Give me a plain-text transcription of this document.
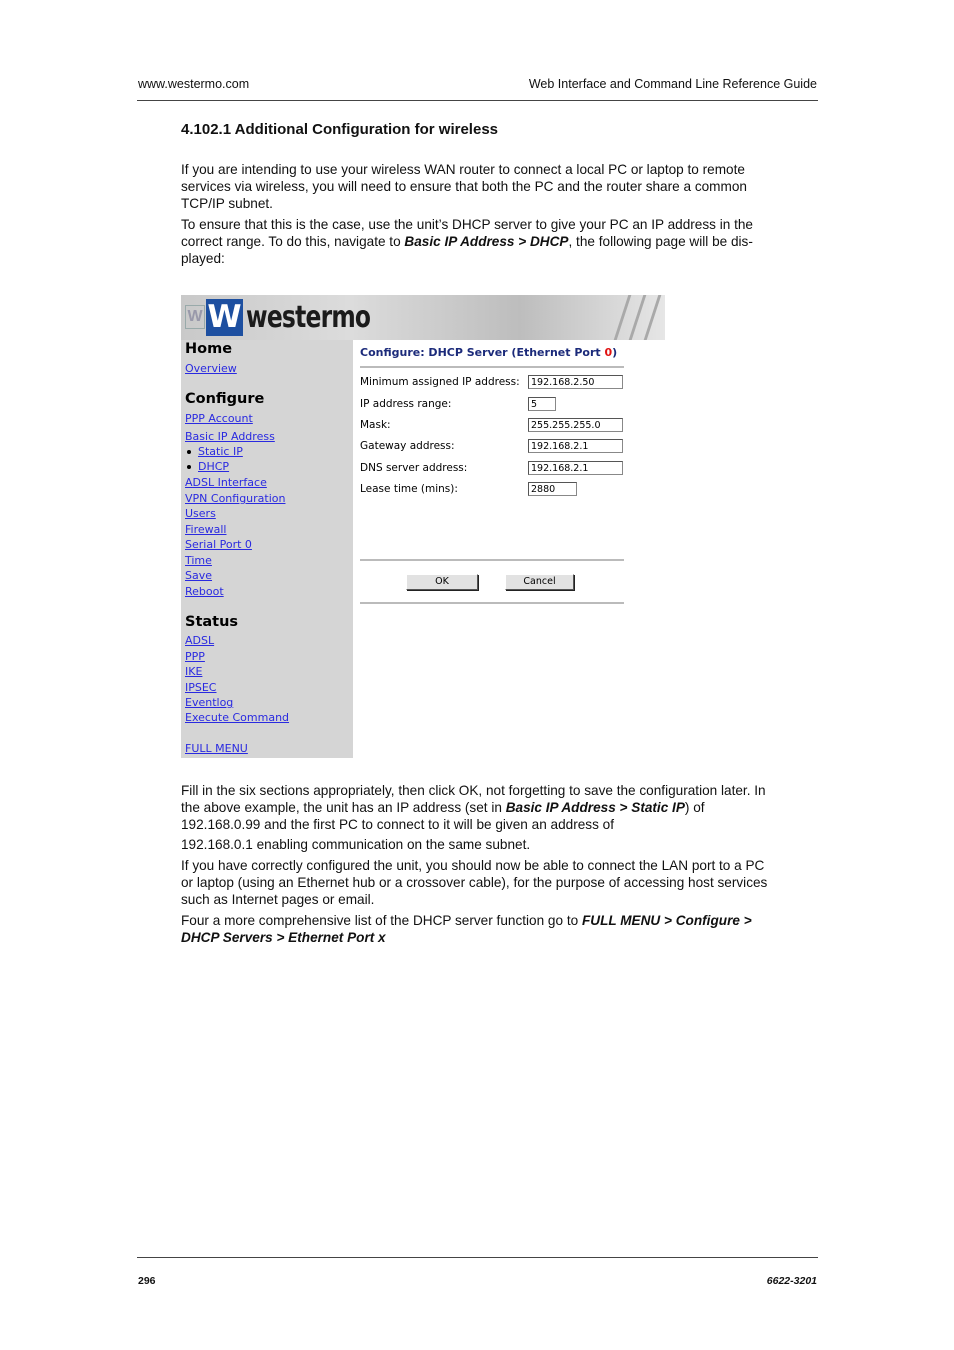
www.westermo.com	Web Interface and Command Line Reference Guide
4.102.1 Additional Configuration for wireless

If you are intending to use your wireless WAN router to connect a local PC or laptop to remote services via wireless, you will need to ensure that both the PC and the router share a common TCP/IP subnet.

To ensure that this is the case, use the unit’s DHCP server to give your PC an IP address in the correct range. To do this, navigate to Basic IP Address > DHCP, the following page will be dis-played:

W W westermo
Home
Overview
Configure
PPP Account
Basic IP Address
Static IP
DHCP
ADSL Interface
VPN Configuration
Users
Firewall
Serial Port 0
Time
Save
Reboot
Status
ADSL
PPP
IKE
IPSEC
Eventlog
Execute Command
FULL MENU
Configure: DHCP Server (Ethernet Port 0)
Minimum assigned IP address:	192.168.2.50
IP address range:	5
Mask:	255.255.255.0
Gateway address:	192.168.2.1
DNS server address:	192.168.2.1
Lease time (mins):	2880
OK	Cancel

Fill in the six sections appropriately, then click OK, not forgetting to save the configuration later. In the above example, the unit has an IP address (set in Basic IP Address > Static IP) of 192.168.0.99 and the first PC to connect to it will be given an address of

192.168.0.1 enabling communication on the same subnet.

If you have correctly configured the unit, you should now be able to connect the LAN port to a PC or laptop (using an Ethernet hub or a crossover cable), for the purpose of accessing host services such as Internet pages or email.

Four a more comprehensive list of the DHCP server function go to FULL MENU > Configure > DHCP Servers > Ethernet Port x

296	6622-3201
